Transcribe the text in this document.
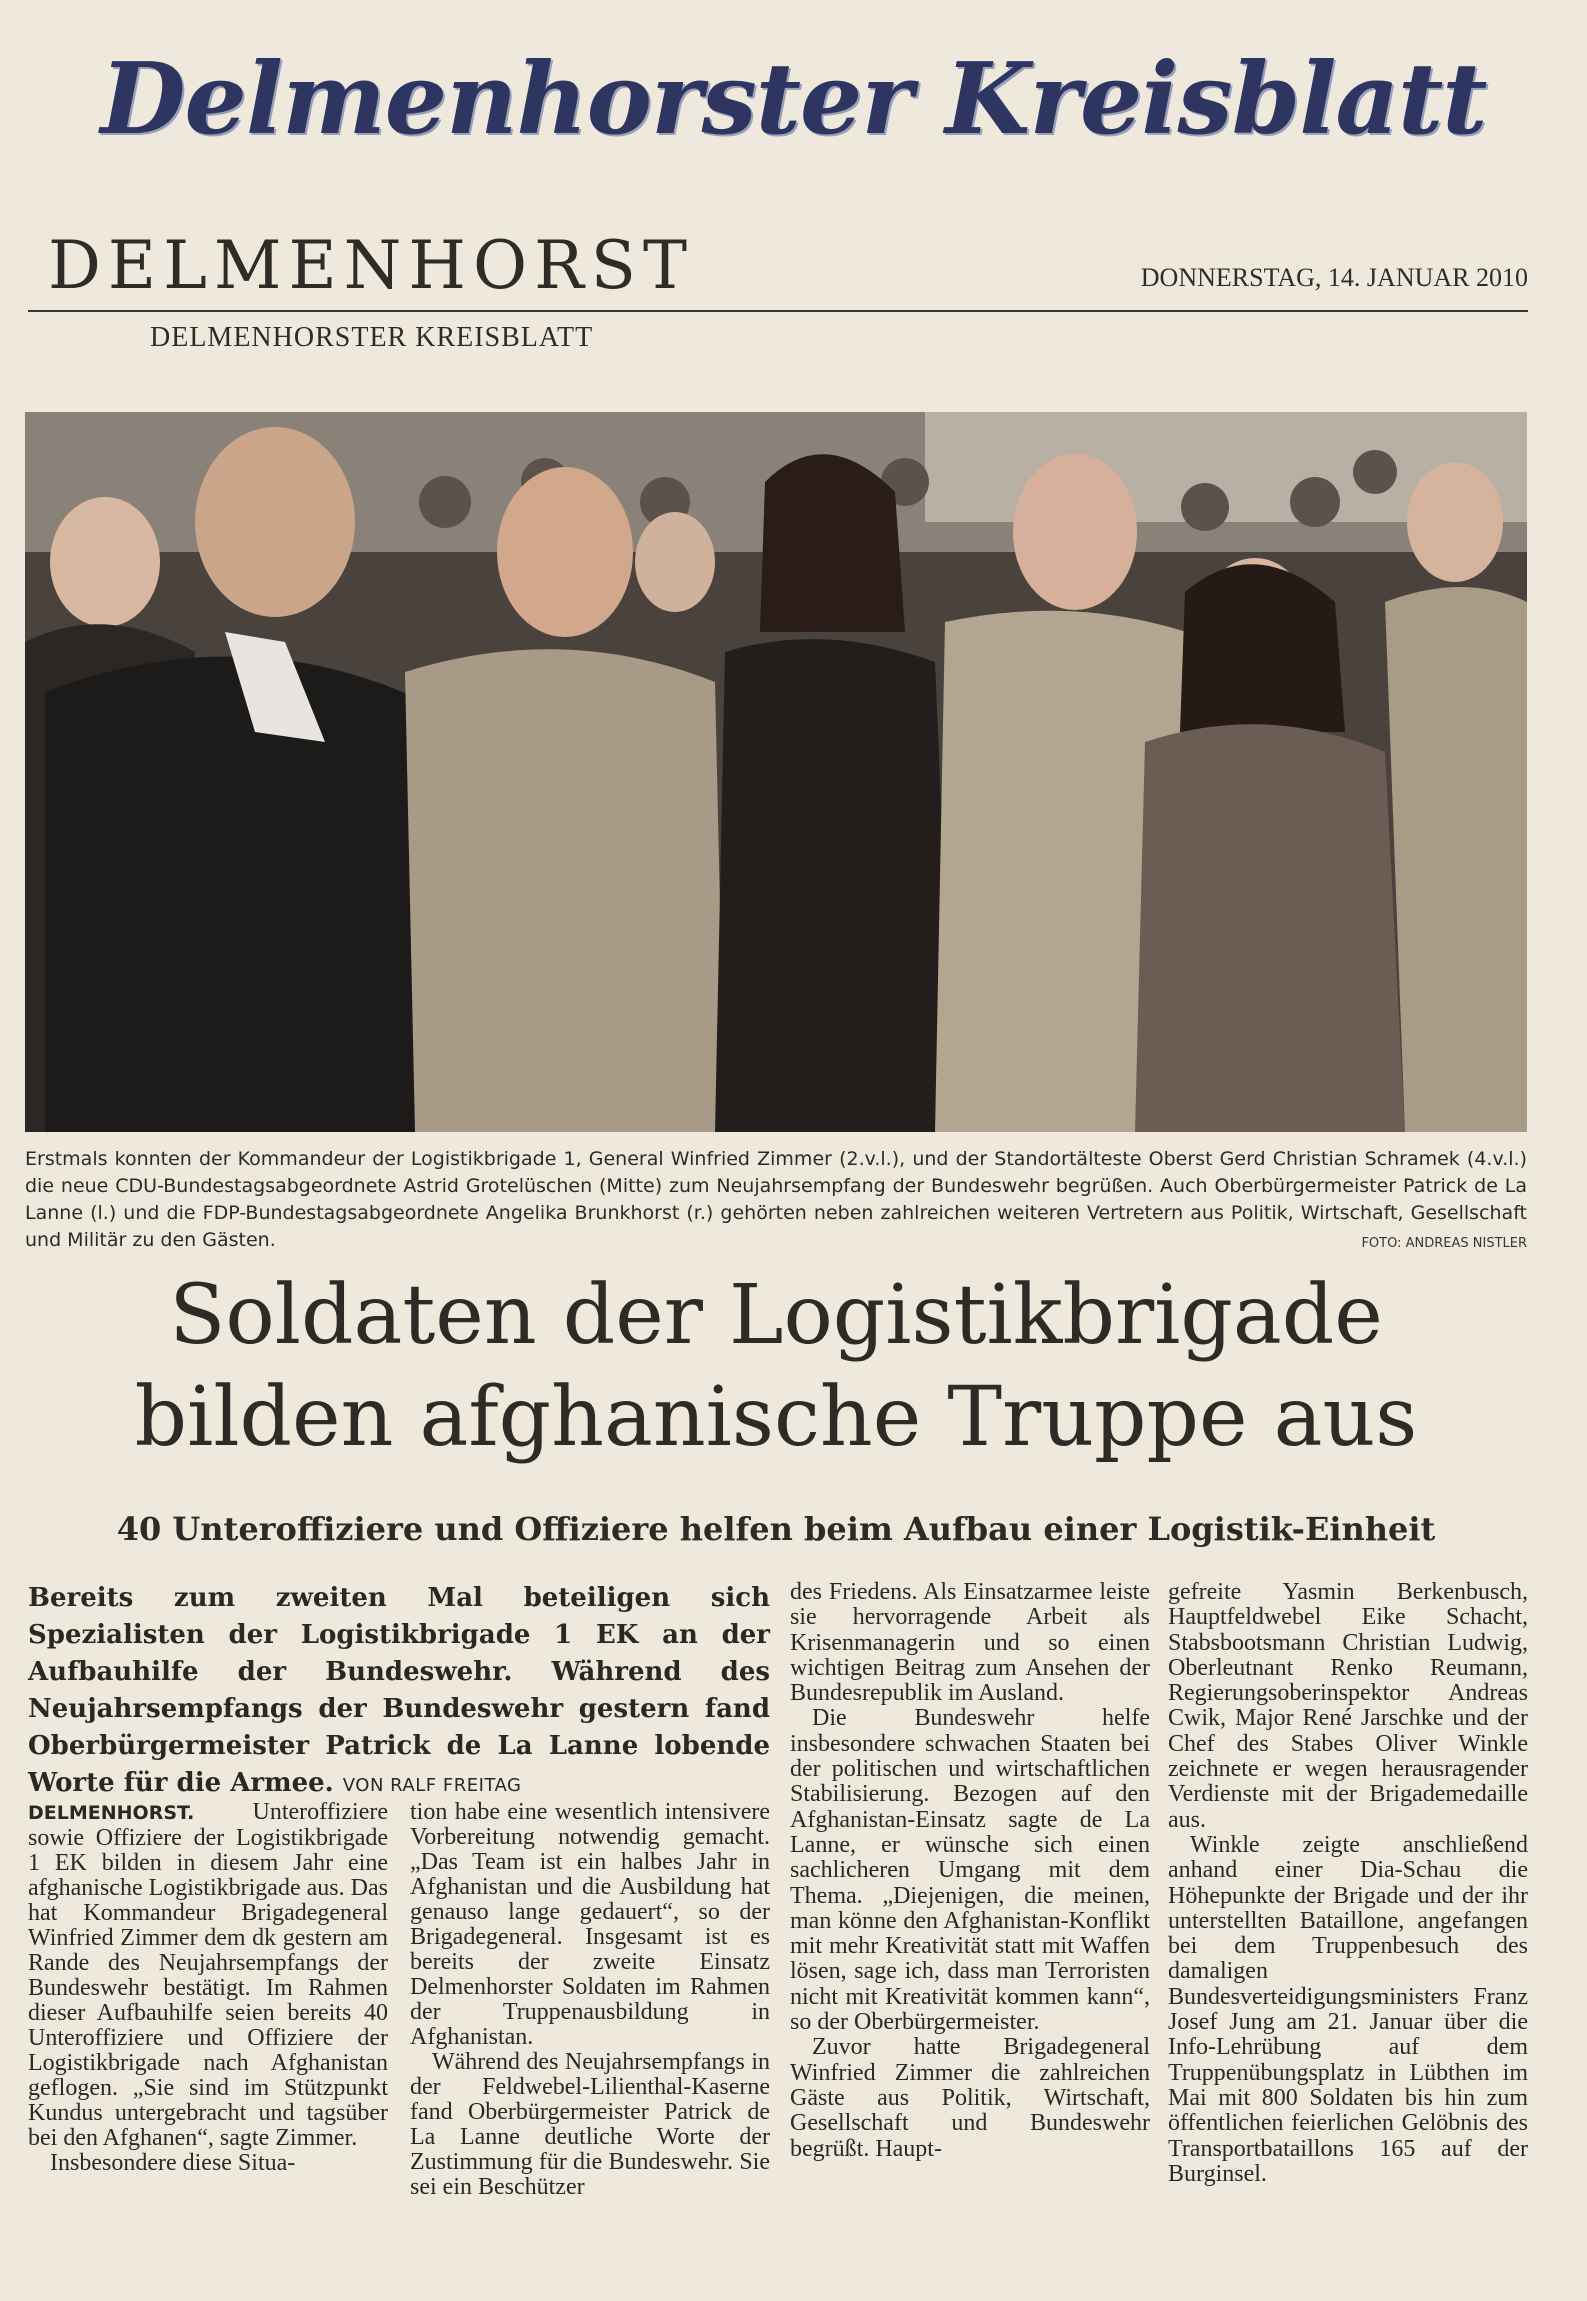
Delmenhorster Kreisblatt
DELMENHORST	DONNERSTAG, 14. JANUAR 2010
DELMENHORSTER KREISBLATT
Erstmals konnten der Kommandeur der Logistikbrigade 1, General Winfried Zimmer (2.v.l.), und der Standortälteste Oberst Gerd Christian Schramek (4.v.l.) die neue CDU-Bundestagsabgeordnete Astrid Grotelüschen (Mitte) zum Neujahrsempfang der Bundeswehr begrüßen. Auch Oberbürgermeister Patrick de La Lanne (l.) und die FDP-Bundestagsabgeordnete Angelika Brunkhorst (r.) gehörten neben zahlreichen weiteren Vertretern aus Politik, Wirtschaft, Gesellschaft und Militär zu den Gästen.	FOTO: ANDREAS NISTLER
Soldaten der Logistikbrigade
bilden afghanische Truppe aus
40 Unteroffiziere und Offiziere helfen beim Aufbau einer Logistik-Einheit
Bereits zum zweiten Mal beteiligen sich Spezialisten der Logistikbrigade 1 EK an der Aufbauhilfe der Bundeswehr. Während des Neujahrsempfangs der Bundeswehr gestern fand Oberbürgermeister Patrick de La Lanne lobende Worte für die Armee. VON RALF FREITAG

DELMENHORST. Unteroffiziere sowie Offiziere der Logistikbrigade 1 EK bilden in diesem Jahr eine afghanische Logistikbrigade aus. Das hat Kommandeur Brigadegeneral Winfried Zimmer dem dk gestern am Rande des Neujahrsempfangs der Bundeswehr bestätigt. Im Rahmen dieser Aufbauhilfe seien bereits 40 Unteroffiziere und Offiziere der Logistikbrigade nach Afghanistan geflogen. „Sie sind im Stützpunkt Kundus untergebracht und tagsüber bei den Afghanen“, sagte Zimmer.

Insbesondere diese Situa-

tion habe eine wesentlich intensivere Vorbereitung notwendig gemacht. „Das Team ist ein halbes Jahr in Afghanistan und die Ausbildung hat genauso lange gedauert“, so der Brigadegeneral. Insgesamt ist es bereits der zweite Einsatz Delmenhorster Soldaten im Rahmen der Truppenausbildung in Afghanistan.

Während des Neujahrsempfangs in der Feldwebel-Lilienthal-Kaserne fand Oberbürgermeister Patrick de La Lanne deutliche Worte der Zustimmung für die Bundeswehr. Sie sei ein Beschützer

des Friedens. Als Einsatzarmee leiste sie hervorragende Arbeit als Krisenmanagerin und so einen wichtigen Beitrag zum Ansehen der Bundesrepublik im Ausland.

Die Bundeswehr helfe insbesondere schwachen Staaten bei der politischen und wirtschaftlichen Stabilisierung. Bezogen auf den Afghanistan-Einsatz sagte de La Lanne, er wünsche sich einen sachlicheren Umgang mit dem Thema. „Diejenigen, die meinen, man könne den Afghanistan-Konflikt mit mehr Kreativität statt mit Waffen lösen, sage ich, dass man Terroristen nicht mit Kreativität kommen kann“, so der Oberbürgermeister.

Zuvor hatte Brigadegeneral Winfried Zimmer die zahlreichen Gäste aus Politik, Wirtschaft, Gesellschaft und Bundeswehr begrüßt. Haupt-

gefreite Yasmin Berkenbusch, Hauptfeldwebel Eike Schacht, Stabsbootsmann Christian Ludwig, Oberleutnant Renko Reumann, Regierungsoberinspektor Andreas Cwik, Major René Jarschke und der Chef des Stabes Oliver Winkle zeichnete er wegen herausragender Verdienste mit der Brigademedaille aus.

Winkle zeigte anschließend anhand einer Dia-Schau die Höhepunkte der Brigade und der ihr unterstellten Bataillone, angefangen bei dem Truppenbesuch des damaligen Bundesverteidigungsministers Franz Josef Jung am 21. Januar über die Info-Lehrübung auf dem Truppenübungsplatz in Lübthen im Mai mit 800 Soldaten bis hin zum öffentlichen feierlichen Gelöbnis des Transportbataillons 165 auf der Burginsel.
